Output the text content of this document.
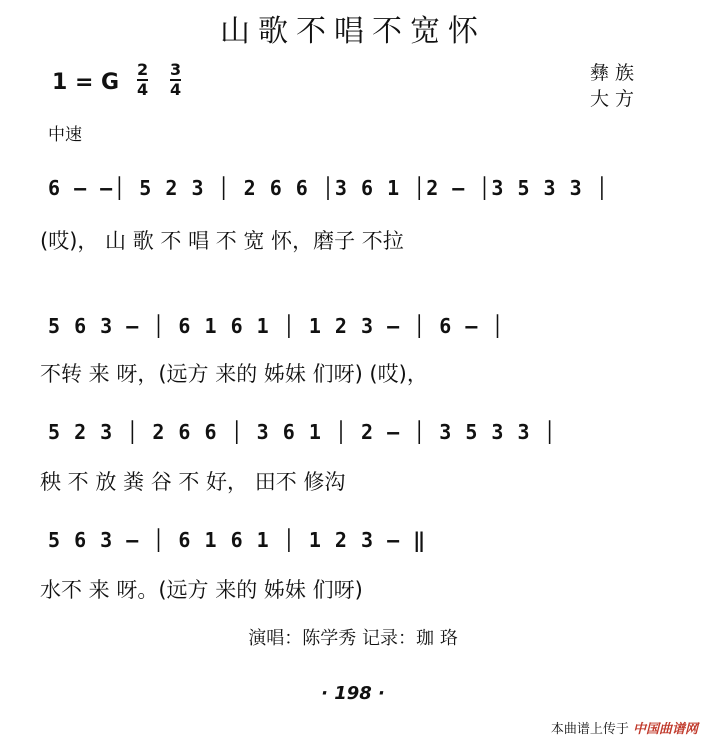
山歌不唱不宽怀
1 = G
2
4
3
4
彝 族
大 方
中速
6 – –│ 5 2 3 │ 2 6 6 │3 6 1 │2 – │3 5 3 3 │
(哎)， 山 歌 不 唱 不 宽 怀，磨子 不拉
5 6 3 – │ 6 1 6 1 │ 1 2 3 – │ 6 – │
不转 来 呀，(远方 来的 姊妹 们呀) (哎)，
5 2 3 │ 2 6 6 │ 3 6 1 │ 2 – │ 3 5 3 3 │
秧 不 放 粪 谷 不 好， 田不 修沟
5 6 3 – │ 6 1 6 1 │ 1 2 3 – ‖
水不 来 呀。(远方 来的 姊妹 们呀)
演唱：陈学秀 记录：珈 珞
· 198 ·
本曲谱上传于 中国曲谱网
